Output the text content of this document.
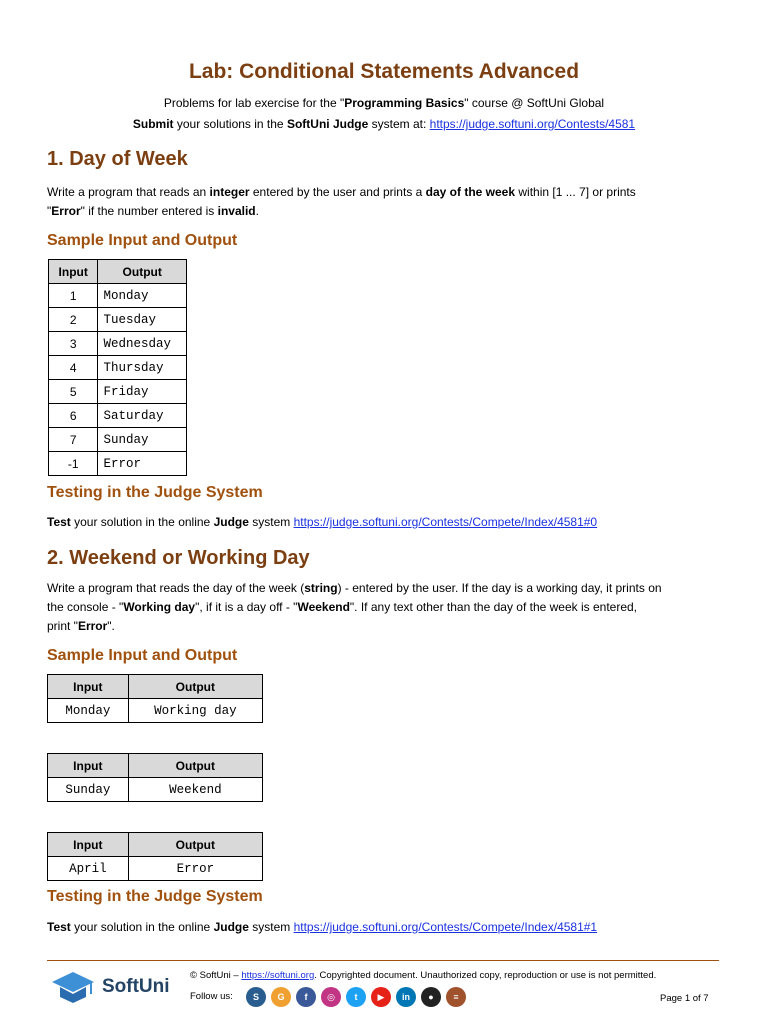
Lab: Conditional Statements Advanced
Problems for lab exercise for the "Programming Basics" course @ SoftUni Global
Submit your solutions in the SoftUni Judge system at: https://judge.softuni.org/Contests/4581
1. Day of Week

Write a program that reads an integer entered by the user and prints a day of the week within [1 ... 7] or prints
"Error" if the number entered is invalid.

Sample Input and Output
Input	Output
1	Monday
2	Tuesday
3	Wednesday
4	Thursday
5	Friday
6	Saturday
7	Sunday
-1	Error
Testing in the Judge System

Test your solution in the online Judge system https://judge.softuni.org/Contests/Compete/Index/4581#0

2. Weekend or Working Day

Write a program that reads the day of the week (string) - entered by the user. If the day is a working day, it prints on
the console - "Working day", if it is a day off - "Weekend". If any text other than the day of the week is entered,
print "Error".

Sample Input and Output
Input	Output
Monday	Working day
Input	Output
Sunday	Weekend
Input	Output
April	Error
Testing in the Judge System

Test your solution in the online Judge system https://judge.softuni.org/Contests/Compete/Index/4581#1

SoftUni
© SoftUni – https://softuni.org. Copyrighted document. Unauthorized copy, reproduction or use is not permitted.
Follow us:	S	G	f	◎	t	▶	in	●	≡	Page 1 of 7
